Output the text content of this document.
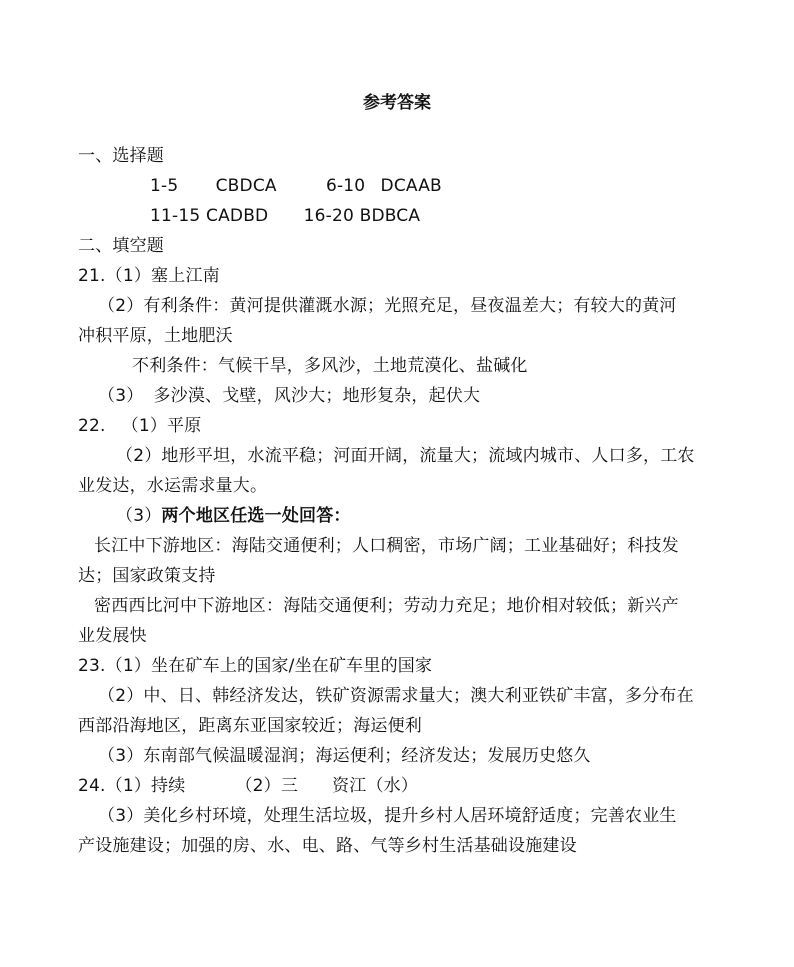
参考答案
一、选择题
1-5 CBDCA	6-10 DCAAB
11-15 CADBD 16-20 BDBCA
二、填空题
21.（1）塞上江南
（2）有利条件：黄河提供灌溉水源；光照充足，昼夜温差大；有较大的黄河
冲积平原，土地肥沃
不利条件：气候干旱，多风沙，土地荒漠化、盐碱化
（3） 多沙漠、戈壁，风沙大；地形复杂，起伏大
22. （1）平原
（2）地形平坦，水流平稳；河面开阔，流量大；流域内城市、人口多，工农
业发达，水运需求量大。
（3）两个地区任选一处回答：
长江中下游地区：海陆交通便利；人口稠密，市场广阔；工业基础好；科技发
达；国家政策支持
密西西比河中下游地区：海陆交通便利；劳动力充足；地价相对较低；新兴产
业发展快
23.（1）坐在矿车上的国家/坐在矿车里的国家
（2）中、日、韩经济发达，铁矿资源需求量大；澳大利亚铁矿丰富，多分布在
西部沿海地区，距离东亚国家较近；海运便利
（3）东南部气候温暖湿润；海运便利；经济发达；发展历史悠久
24.（1）持续	（2）三 资江（水）
（3）美化乡村环境，处理生活垃圾，提升乡村人居环境舒适度；完善农业生
产设施建设；加强的房、水、电、路、气等乡村生活基础设施建设
